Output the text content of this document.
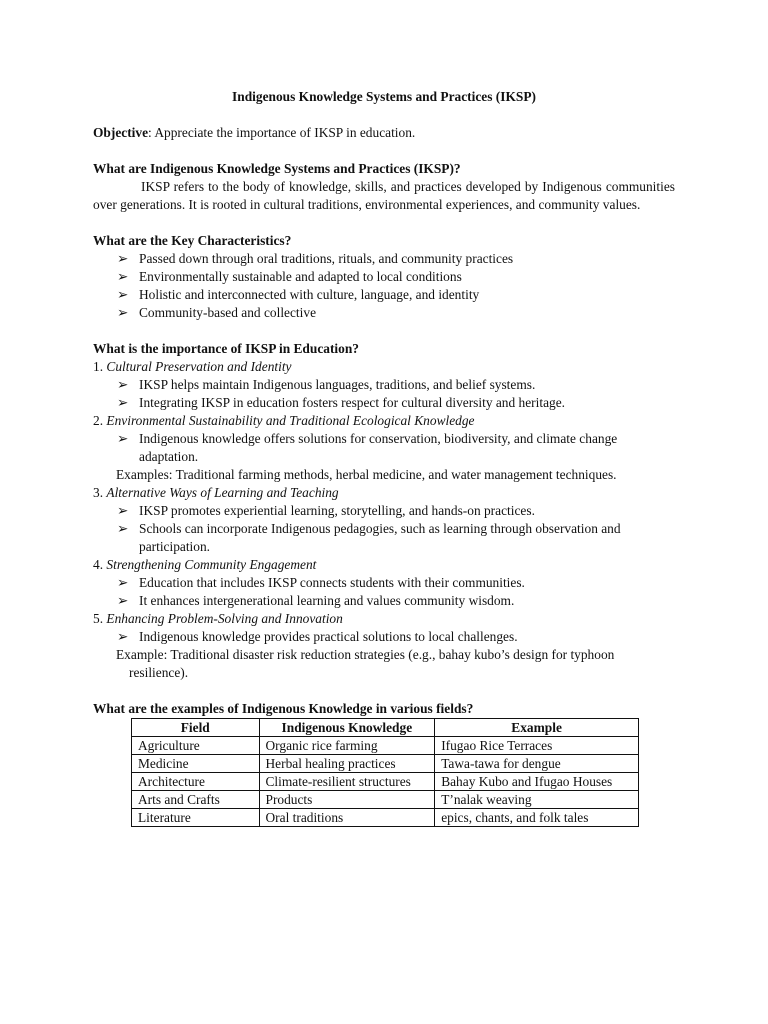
Indigenous Knowledge Systems and Practices (IKSP)

Objective: Appreciate the importance of IKSP in education.

What are Indigenous Knowledge Systems and Practices (IKSP)?

IKSP refers to the body of knowledge, skills, and practices developed by Indigenous communities over generations. It is rooted in cultural traditions, environmental experiences, and community values.

What are the Key Characteristics?

➢ Passed down through oral traditions, rituals, and community practices
➢ Environmentally sustainable and adapted to local conditions
➢ Holistic and interconnected with culture, language, and identity
➢ Community-based and collective

What is the importance of IKSP in Education?

1. Cultural Preservation and Identity

➢ IKSP helps maintain Indigenous languages, traditions, and belief systems.
➢ Integrating IKSP in education fosters respect for cultural diversity and heritage.

2. Environmental Sustainability and Traditional Ecological Knowledge

➢ Indigenous knowledge offers solutions for conservation, biodiversity, and climate change adaptation.

Examples: Traditional farming methods, herbal medicine, and water management techniques.

3. Alternative Ways of Learning and Teaching

➢ IKSP promotes experiential learning, storytelling, and hands-on practices.
➢ Schools can incorporate Indigenous pedagogies, such as learning through observation and participation.

4. Strengthening Community Engagement

➢ Education that includes IKSP connects students with their communities.
➢ It enhances intergenerational learning and values community wisdom.

5. Enhancing Problem-Solving and Innovation

➢ Indigenous knowledge provides practical solutions to local challenges.

Example: Traditional disaster risk reduction strategies (e.g., bahay kubo’s design for typhoon resilience).

What are the examples of Indigenous Knowledge in various fields?

Field	Indigenous Knowledge	Example
Agriculture	Organic rice farming	Ifugao Rice Terraces
Medicine	Herbal healing practices	Tawa-tawa for dengue
Architecture	Climate-resilient structures	Bahay Kubo and Ifugao Houses
Arts and Crafts	Products	T’nalak weaving
Literature	Oral traditions	epics, chants, and folk tales
